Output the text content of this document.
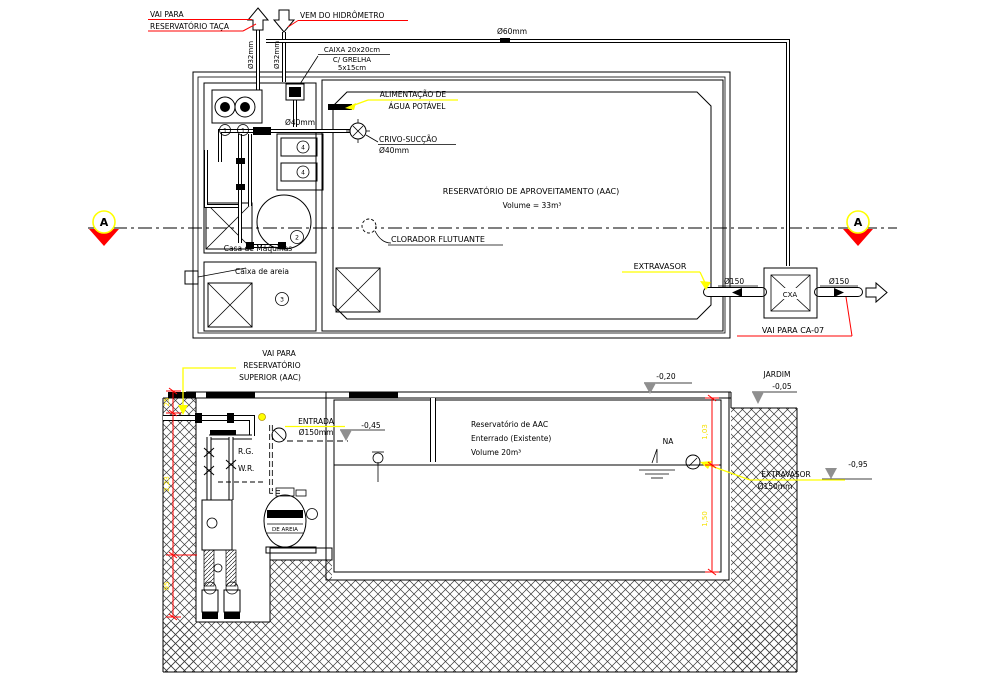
1 1
4
4
2
3
CXA
A	A
VAI PARA
RESERVATÓRIO TAÇA
VEM DO HIDRÔMETRO
CAIXA 20x20cm
C/ GRELHA
5x15cm
Ø32mm	Ø32mm
Ø60mm
ALIMENTAÇÃO DE
ÁGUA POTÁVEL
Ø40mm
CRIVO-SUCÇÃO
Ø40mm
RESERVATÓRIO DE APROVEITAMENTO (AAC)
Volume = 33m³
CLORADOR FLUTUANTE
Casa de Máquinas
Caixa de areia
EXTRAVASOR
Ø150	Ø150
VAI PARA CA-07
NA
R.G.
W.R.
FILTRO
DE AREIA
ENTRADA
Ø150mm
-0,45
-0,20	JARDIM
-0,05
-0,95
Reservatório de AAC
Enterrado (Existente)
Volume 20m³
EXTRAVASOR
Ø150mm
VAI PARA
RESERVATÓRIO
SUPERIOR (AAC)
25
2,23
95
1,03
1,50
